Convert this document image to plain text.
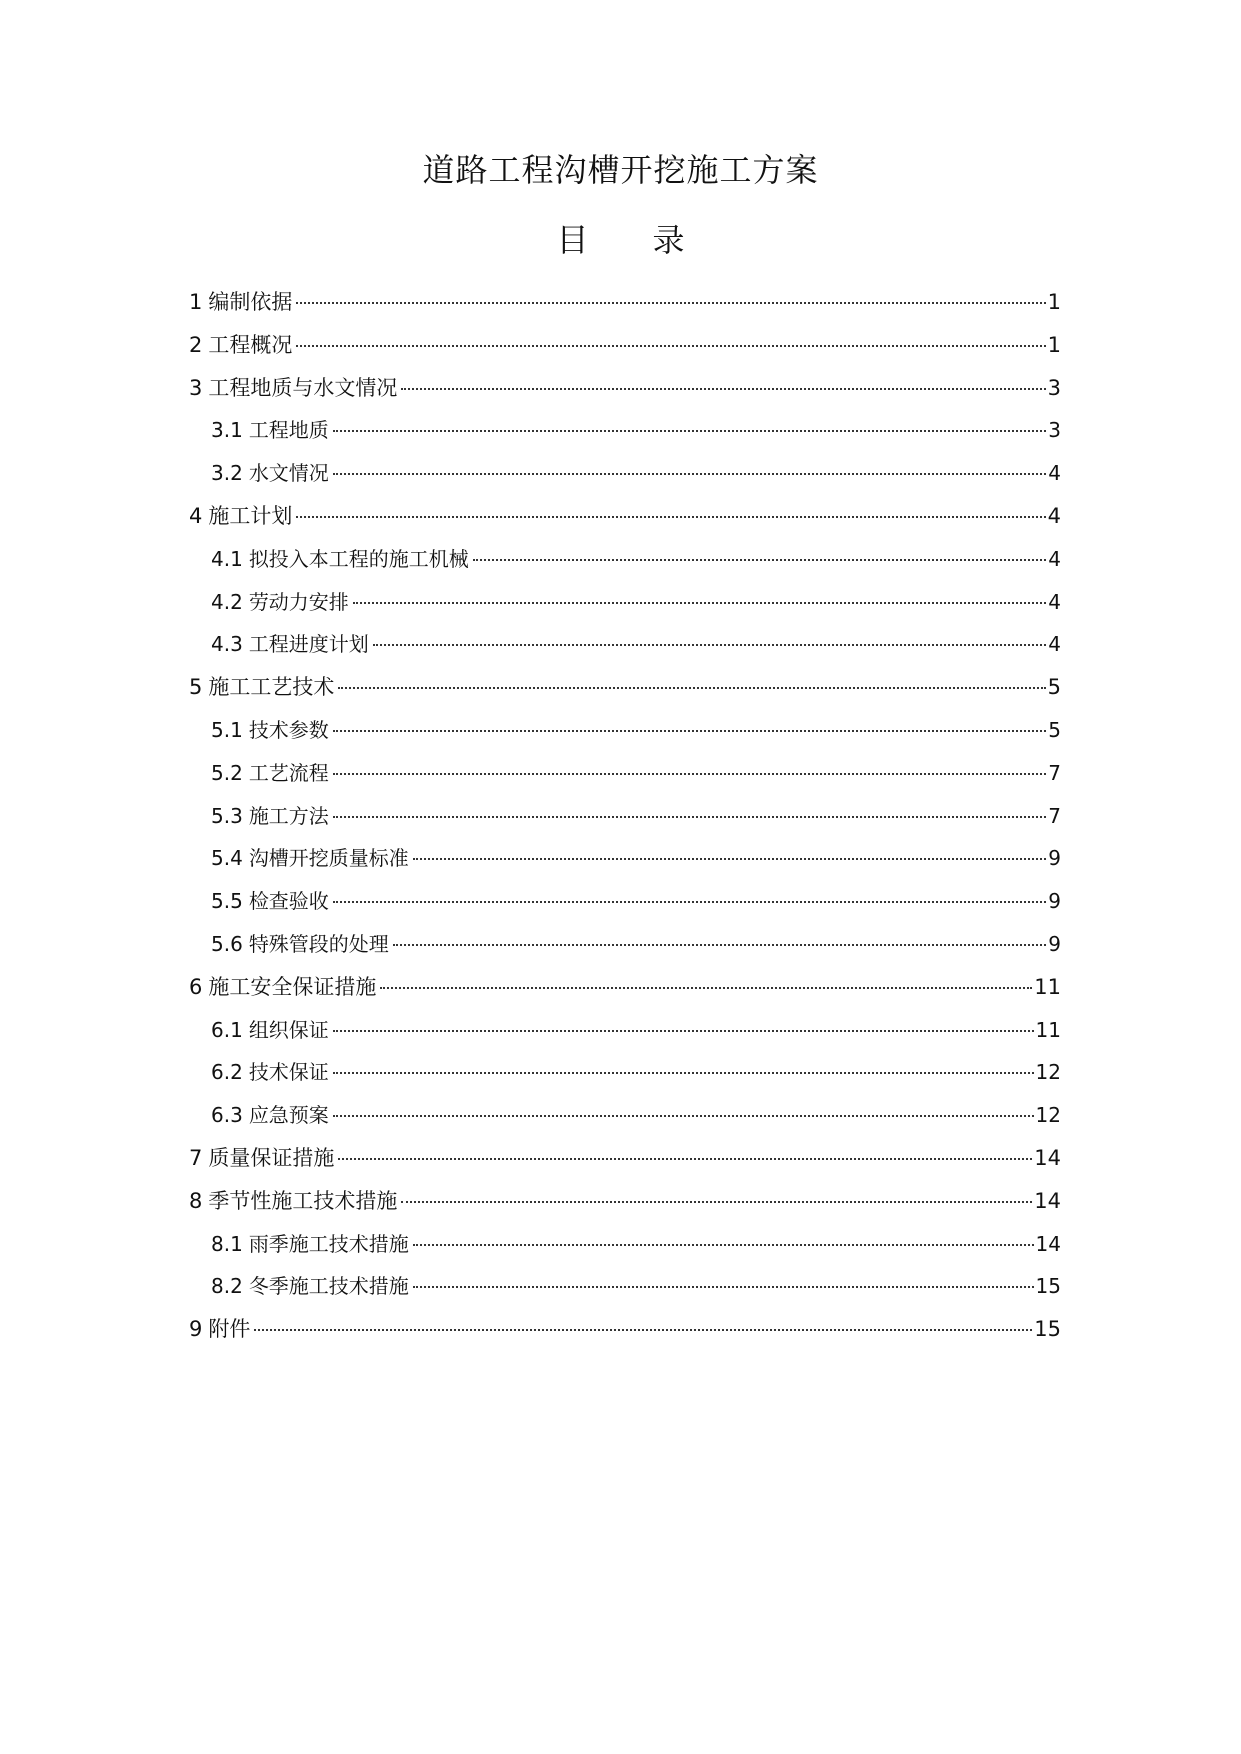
道路工程沟槽开挖施工方案
目　　录
1 编制依据	1
2 工程概况	1
3 工程地质与水文情况	3
3.1 工程地质	3
3.2 水文情况	4
4 施工计划	4
4.1 拟投入本工程的施工机械	4
4.2 劳动力安排	4
4.3 工程进度计划	4
5 施工工艺技术	5
5.1 技术参数	5
5.2 工艺流程	7
5.3 施工方法	7
5.4 沟槽开挖质量标准	9
5.5 检查验收	9
5.6 特殊管段的处理	9
6 施工安全保证措施	11
6.1 组织保证	11
6.2 技术保证	12
6.3 应急预案	12
7 质量保证措施	14
8 季节性施工技术措施	14
8.1 雨季施工技术措施	14
8.2 冬季施工技术措施	15
9 附件	15
